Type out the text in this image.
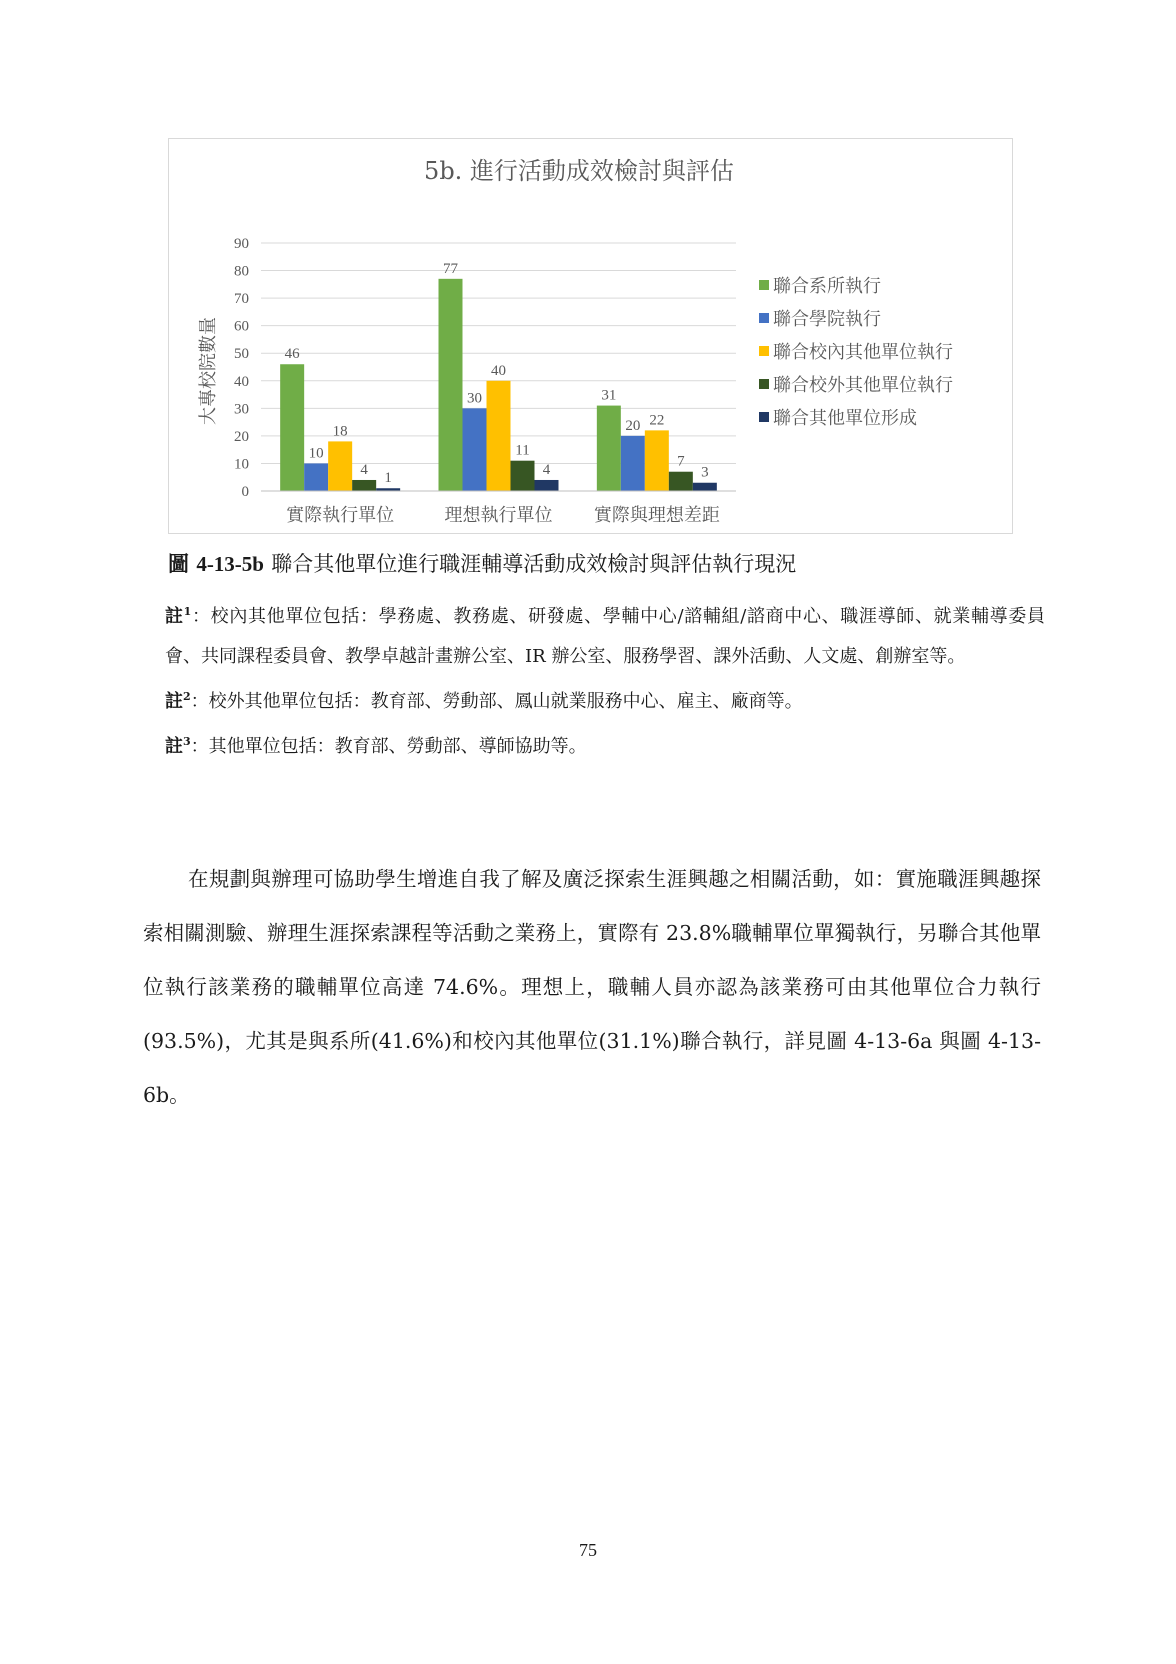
5b. 進行活動成效檢討與評估
0
10
20
30
40
50
60
70
80
90
大專校院數量	46
10
18
4
1
實際執行單位
77
30
40
11
4
理想執行單位
31
20 22
7
3
實際與理想差距
聯合系所執行
聯合學院執行
聯合校內其他單位執行
聯合校外其他單位執行
聯合其他單位形成
圖 4-13-5b 聯合其他單位進行職涯輔導活動成效檢討與評估執行現況

註$^1$：校內其他單位包括：學務處、教務處、研發處、學輔中心/諮輔組/諮商中心、職涯導師、就業輔導委員會、共同課程委員會、教學卓越計畫辦公室、IR 辦公室、服務學習、課外活動、人文處、創辦室等。

註$^2$：校外其他單位包括：教育部、勞動部、鳳山就業服務中心、雇主、廠商等。

註$^3$：其他單位包括：教育部、勞動部、導師協助等。

在規劃與辦理可協助學生增進自我了解及廣泛探索生涯興趣之相關活動，如：實施職涯興趣探索相關測驗、辦理生涯探索課程等活動之業務上，實際有 23.8%職輔單位單獨執行，另聯合其他單位執行該業務的職輔單位高達 74.6%。理想上，職輔人員亦認為該業務可由其他單位合力執行(93.5%)，尤其是與系所(41.6%)和校內其他單位(31.1%)聯合執行，詳見圖 4-13-6a 與圖 4-13-6b。

75
